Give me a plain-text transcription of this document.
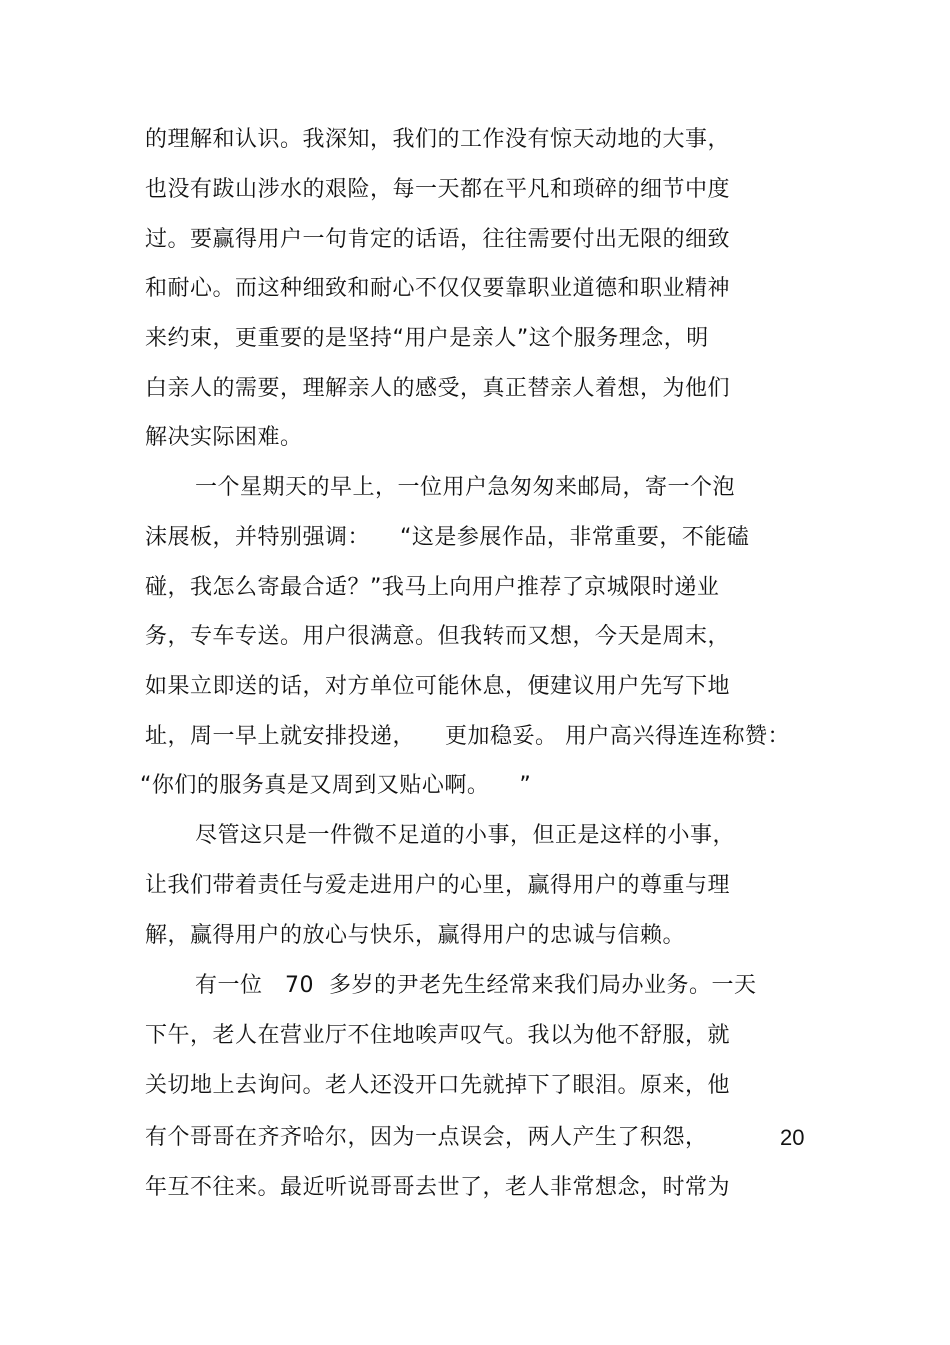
的理解和认识。我深知，我们的工作没有惊天动地的大事，
也没有跋山涉水的艰险，每一天都在平凡和琐碎的细节中度
过。要赢得用户一句肯定的话语，往往需要付出无限的细致
和耐心。而这种细致和耐心不仅仅要靠职业道德和职业精神
来约束，更重要的是坚持“用户是亲人”这个服务理念，明
白亲人的需要，理解亲人的感受，真正替亲人着想，为他们
解决实际困难。
一个星期天的早上，一位用户急匆匆来邮局，寄一个泡
沫展板，并特别强调：    “这是参展作品，非常重要，不能磕
碰，我怎么寄最合适？”我马上向用户推荐了京城限时递业
务，专车专送。用户很满意。但我转而又想，今天是周末，
如果立即送的话，对方单位可能休息，便建议用户先写下地
址，周一早上就安排投递，    更加稳妥。 用户高兴得连连称赞：
“你们的服务真是又周到又贴心啊。    ”
尽管这只是一件微不足道的小事，但正是这样的小事，
让我们带着责任与爱走进用户的心里，赢得用户的尊重与理
解，赢得用户的放心与快乐，赢得用户的忠诚与信赖。
有一位   70  多岁的尹老先生经常来我们局办业务。一天
下午，老人在营业厅不住地唉声叹气。我以为他不舒服，就
关切地上去询问。老人还没开口先就掉下了眼泪。原来，他
有个哥哥在齐齐哈尔，因为一点误会，两人产生了积怨，	20
年互不往来。最近听说哥哥去世了，老人非常想念，时常为
